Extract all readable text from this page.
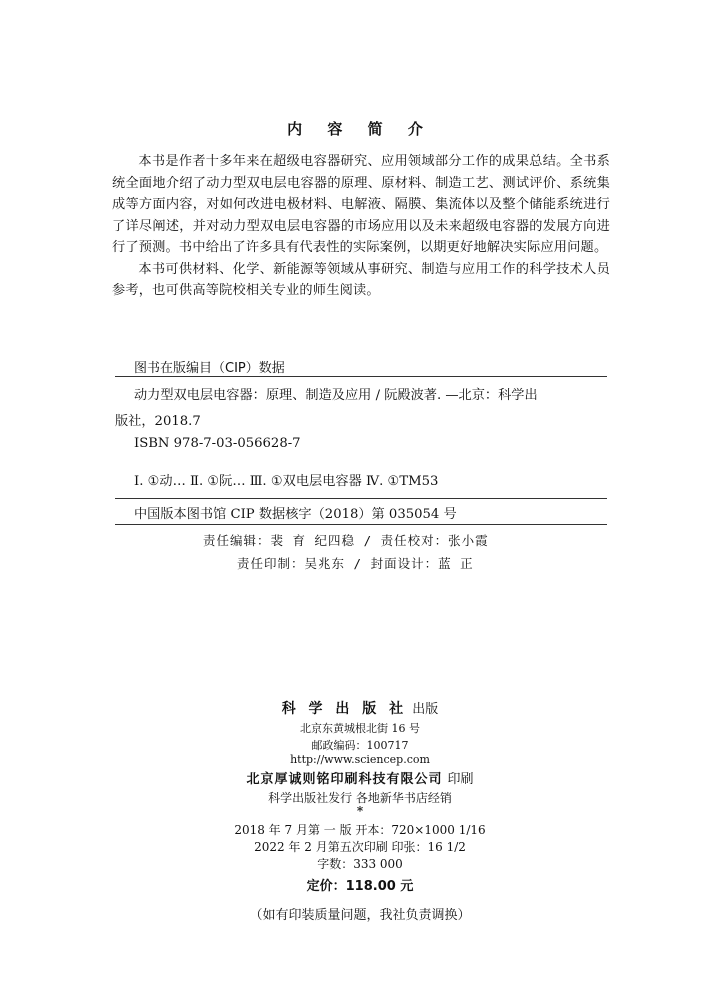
内 容 简 介

本书是作者十多年来在超级电容器研究、应用领域部分工作的成果总结。全书系统全面地介绍了动力型双电层电容器的原理、原材料、制造工艺、测试评价、系统集成等方面内容，对如何改进电极材料、电解液、隔膜、集流体以及整个储能系统进行了详尽阐述，并对动力型双电层电容器的市场应用以及未来超级电容器的发展方向进行了预测。书中给出了许多具有代表性的实际案例，以期更好地解决实际应用问题。

本书可供材料、化学、新能源等领域从事研究、制造与应用工作的科学技术人员参考，也可供高等院校相关专业的师生阅读。

图书在版编目（CIP）数据
动力型双电层电容器：原理、制造及应用 / 阮殿波著. —北京：科学出
版社，2018.7
ISBN 978-7-03-056628-7
Ⅰ. ①动… Ⅱ. ①阮… Ⅲ. ①双电层电容器 Ⅳ. ①TM53
中国版本图书馆 CIP 数据核字（2018）第 035054 号
责任编辑：裴 育 纪四稳 / 责任校对：张小霞
责任印制：吴兆东 / 封面设计：蓝 正
科 学 出 版 社 出版
北京东黄城根北街 16 号
邮政编码：100717
http://www.sciencep.com
北京厚诚则铭印刷科技有限公司 印刷
科学出版社发行 各地新华书店经销
*
2018 年 7 月第 一 版 开本：720×1000 1/16
2022 年 2 月第五次印刷 印张：16 1/2
字数：333 000
定价：118.00 元
（如有印装质量问题，我社负责调换）
